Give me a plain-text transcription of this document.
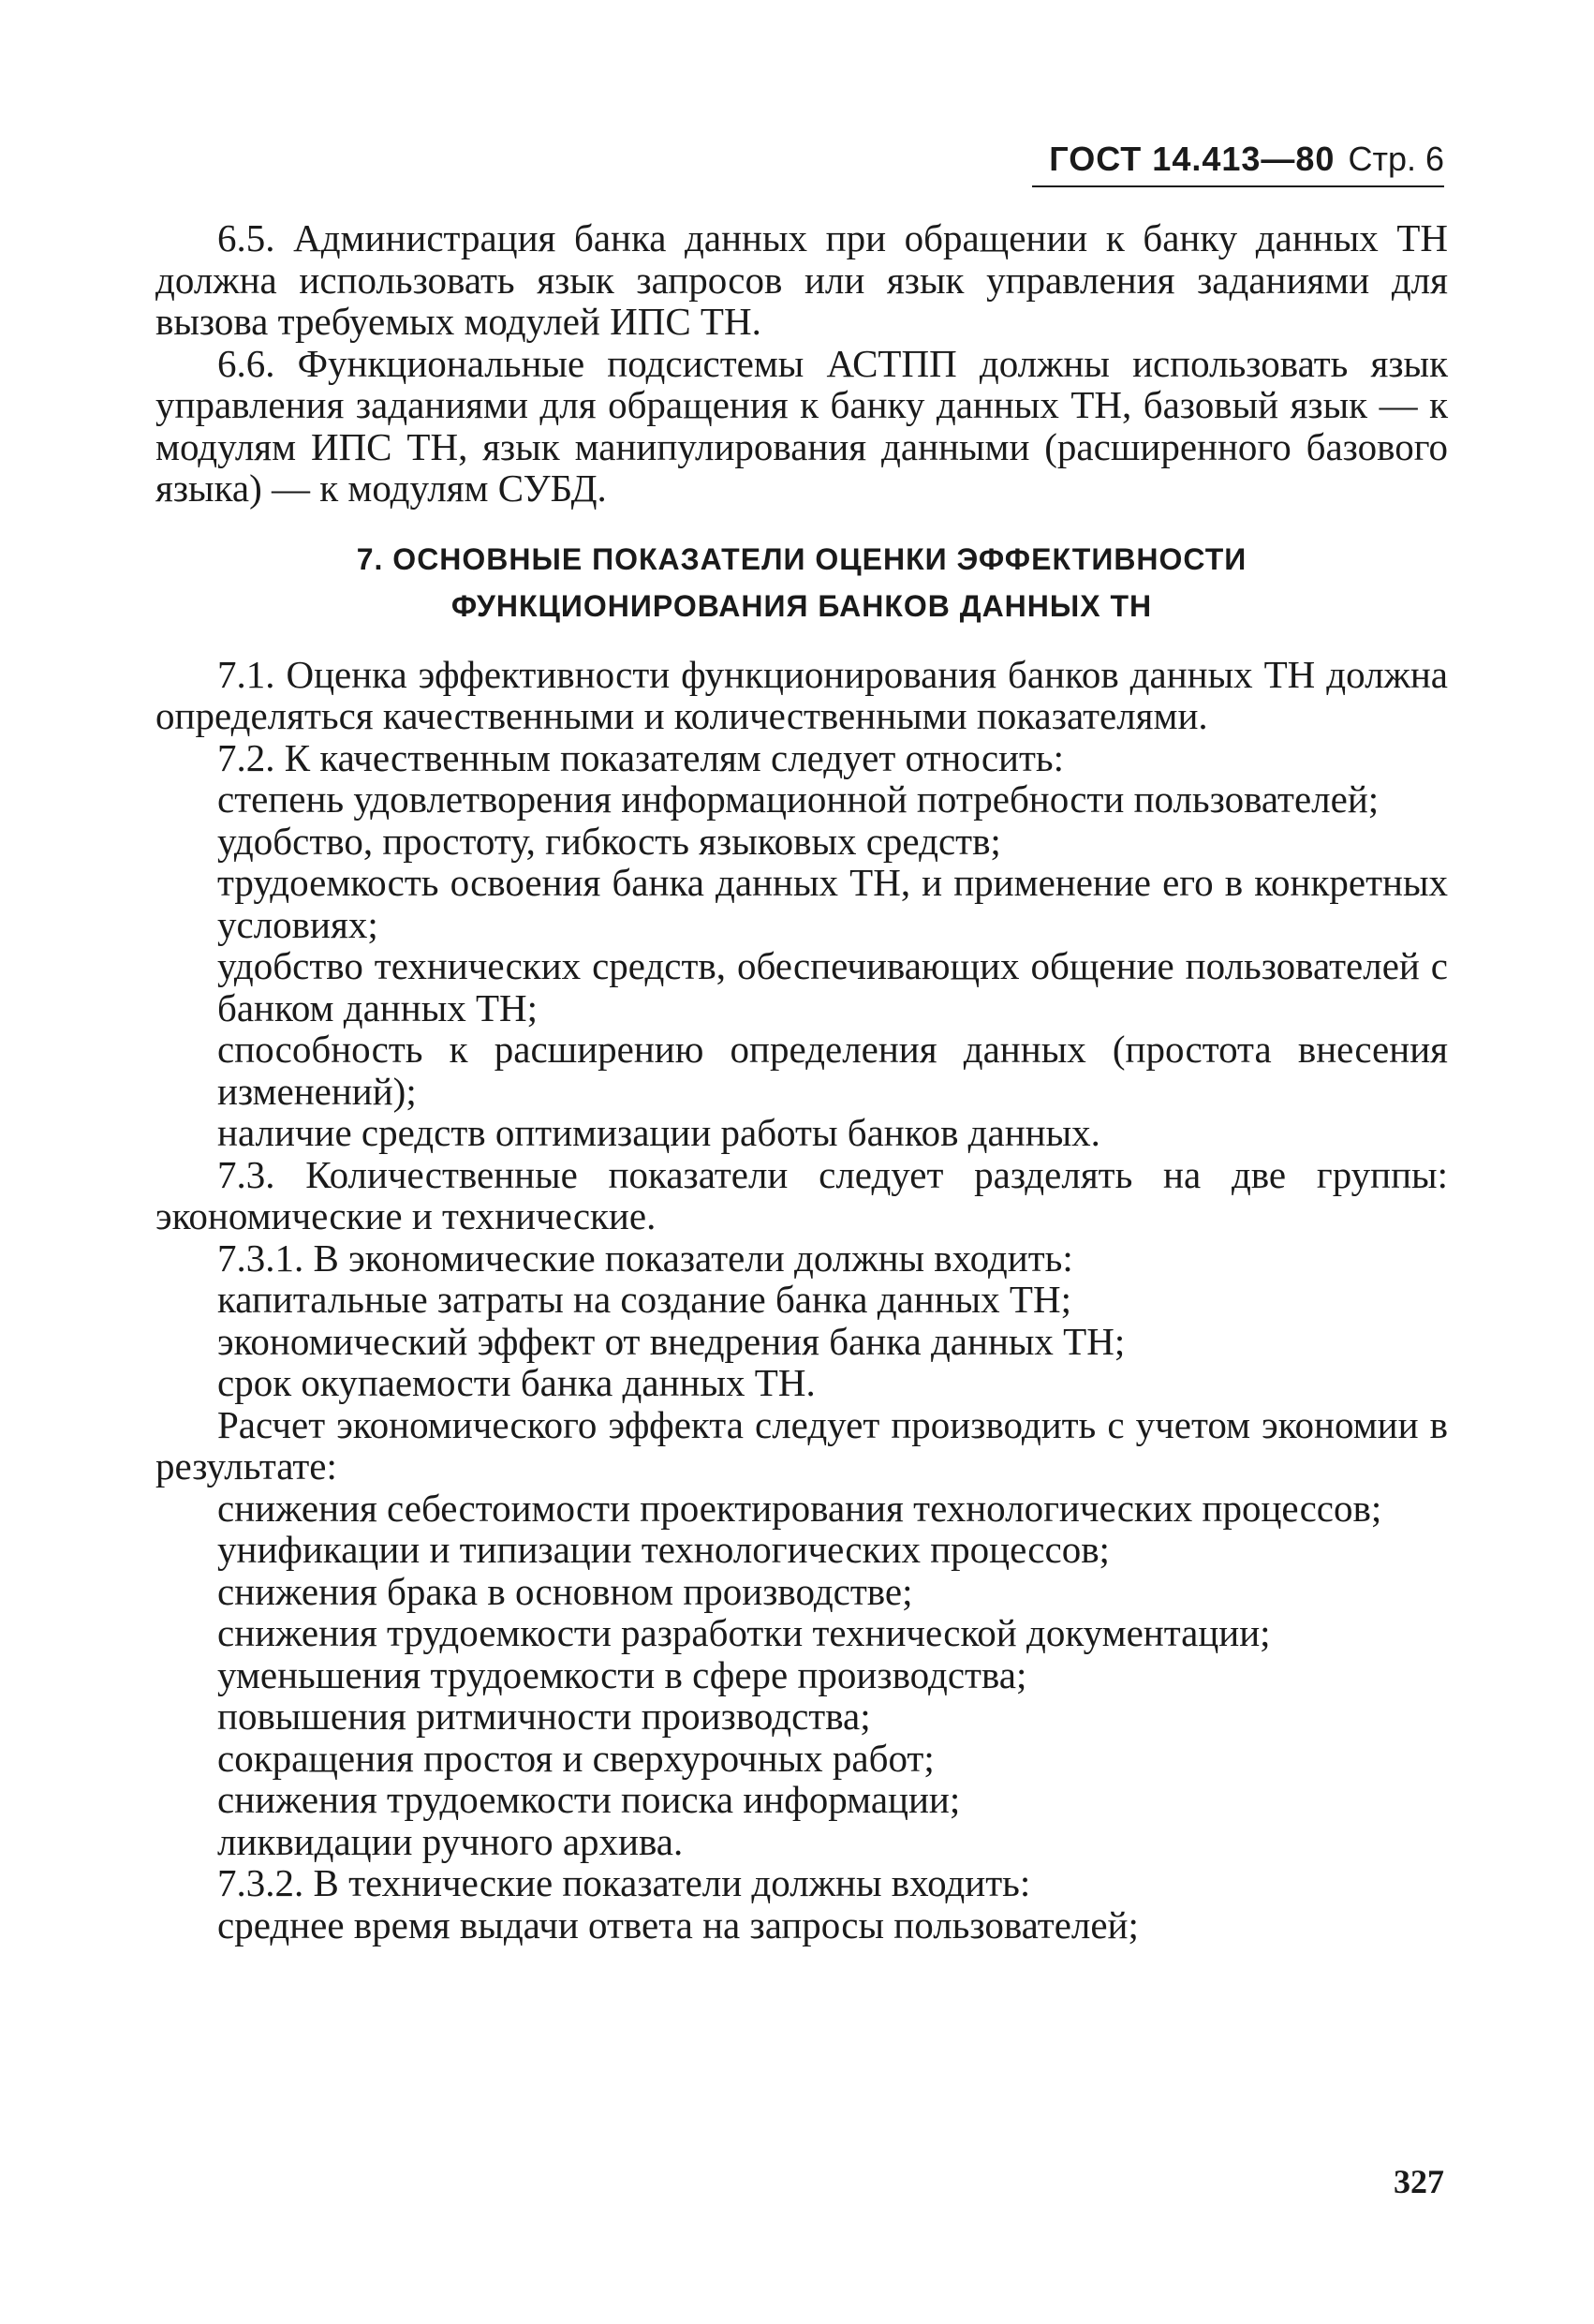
ГОСТ 14.413—80 Стр. 6

6.5. Администрация банка данных при обращении к банку данных ТН должна использовать язык запросов или язык управления заданиями для вызова требуемых модулей ИПС ТН.

6.6. Функциональные подсистемы АСТПП должны использовать язык управления заданиями для обращения к банку данных ТН, базовый язык — к модулям ИПС ТН, язык манипулирования данными (расширенного базового языка) — к модулям СУБД.

7. ОСНОВНЫЕ ПОКАЗАТЕЛИ ОЦЕНКИ ЭФФЕКТИВНОСТИ
ФУНКЦИОНИРОВАНИЯ БАНКОВ ДАННЫХ ТН

7.1. Оценка эффективности функционирования банков данных ТН должна определяться качественными и количественными показателями.

7.2. К качественным показателям следует относить:

степень удовлетворения информационной потребности пользователей;

удобство, простоту, гибкость языковых средств;

трудоемкость освоения банка данных ТН, и применение его в конкретных условиях;

удобство технических средств, обеспечивающих общение пользователей с банком данных ТН;

способность к расширению определения данных (простота внесения изменений);

наличие средств оптимизации работы банков данных.

7.3. Количественные показатели следует разделять на две группы: экономические и технические.

7.3.1. В экономические показатели должны входить:

капитальные затраты на создание банка данных ТН;

экономический эффект от внедрения банка данных ТН;

срок окупаемости банка данных ТН.

Расчет экономического эффекта следует производить с учетом экономии в результате:

снижения себестоимости проектирования технологических процессов;

унификации и типизации технологических процессов;

снижения брака в основном производстве;

снижения трудоемкости разработки технической документации;

уменьшения трудоемкости в сфере производства;

повышения ритмичности производства;

сокращения простоя и сверхурочных работ;

снижения трудоемкости поиска информации;

ликвидации ручного архива.

7.3.2. В технические показатели должны входить:

среднее время выдачи ответа на запросы пользователей;

327
